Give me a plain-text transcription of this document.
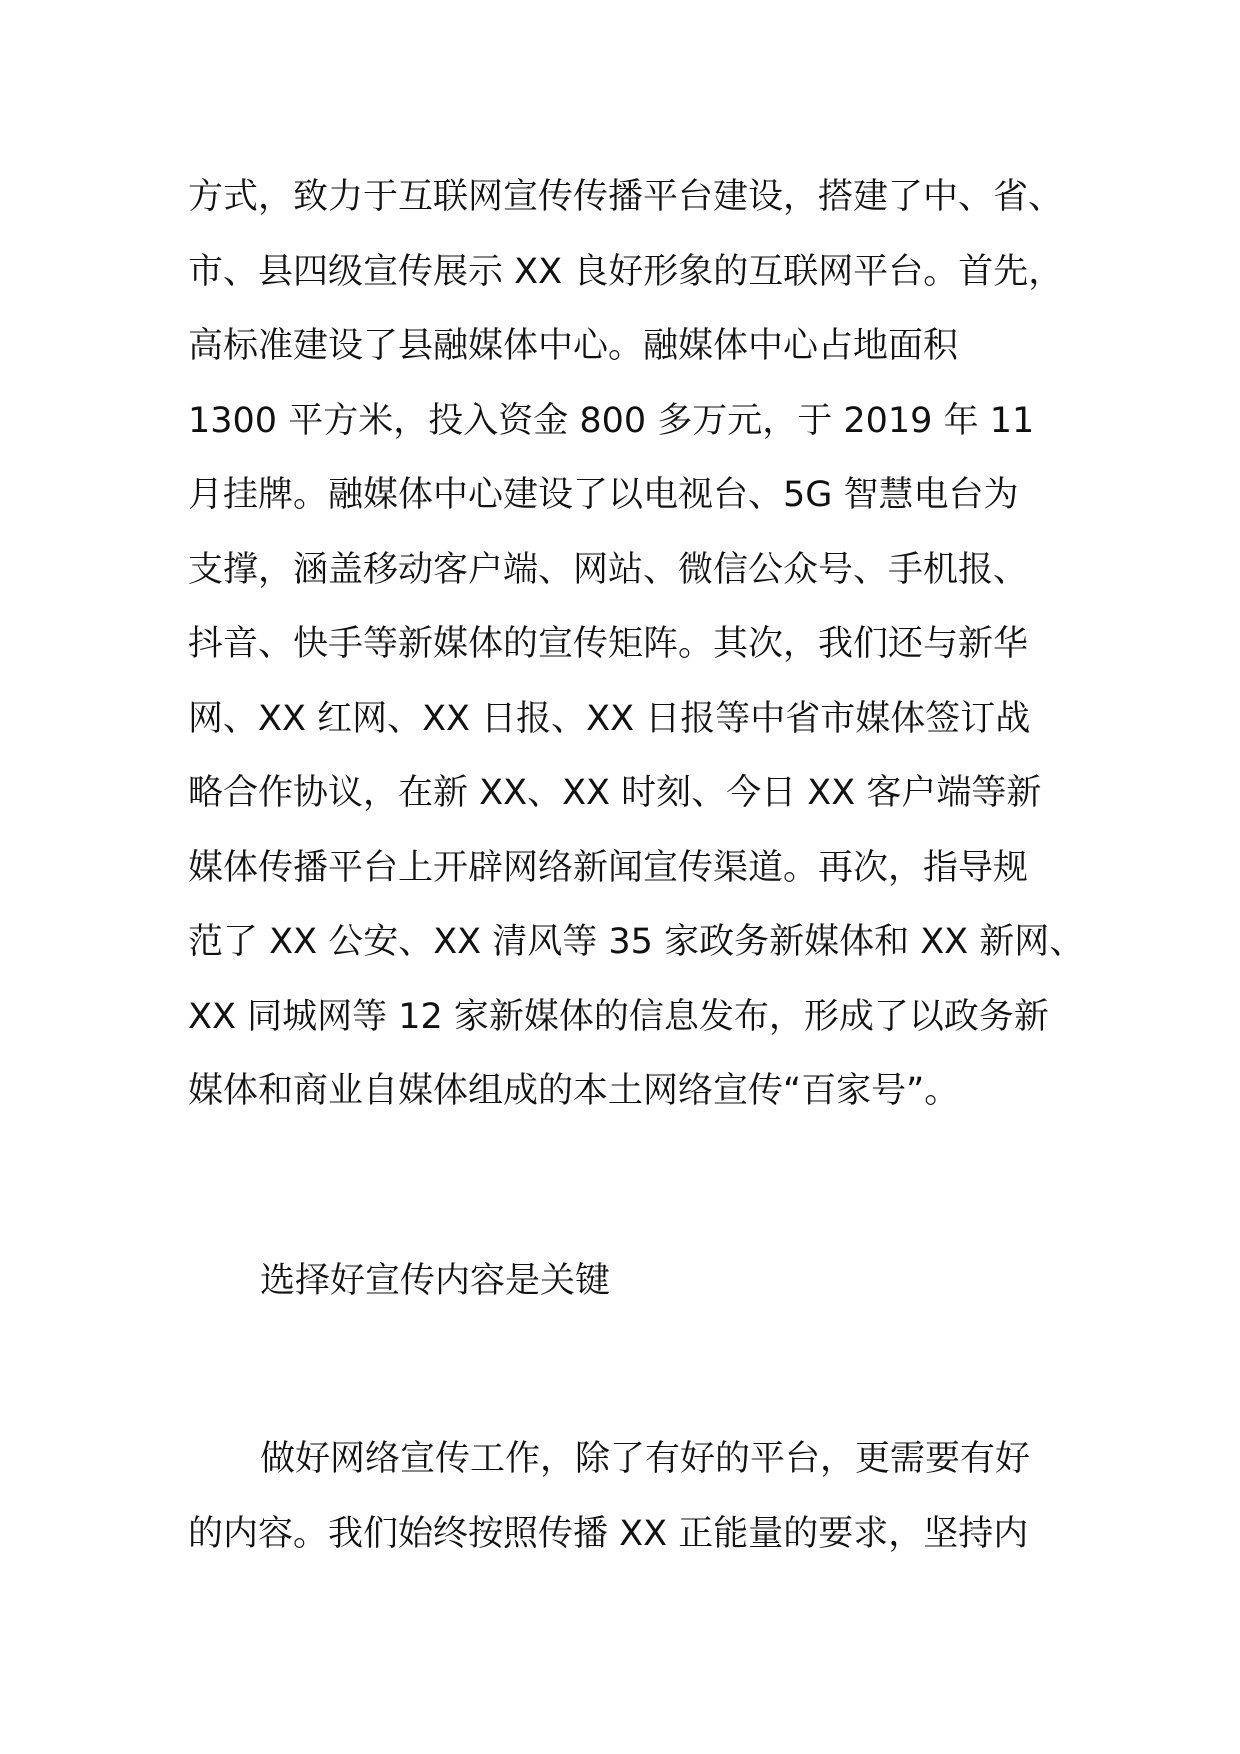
方式，致力于互联网宣传传播平台建设，搭建了中、省、
市、县四级宣传展示 XX 良好形象的互联网平台。首先，
高标准建设了县融媒体中心。融媒体中心占地面积
1300 平方米，投入资金 800 多万元，于 2019 年 11
月挂牌。融媒体中心建设了以电视台、5G 智慧电台为
支撑，涵盖移动客户端、网站、微信公众号、手机报、
抖音、快手等新媒体的宣传矩阵。其次，我们还与新华
网、XX 红网、XX 日报、XX 日报等中省市媒体签订战
略合作协议，在新 XX、XX 时刻、今日 XX 客户端等新
媒体传播平台上开辟网络新闻宣传渠道。再次，指导规
范了 XX 公安、XX 清风等 35 家政务新媒体和 XX 新网、
XX 同城网等 12 家新媒体的信息发布，形成了以政务新
媒体和商业自媒体组成的本土网络宣传“百家号”。
选择好宣传内容是关键
做好网络宣传工作，除了有好的平台，更需要有好
的内容。我们始终按照传播 XX 正能量的要求，坚持内
